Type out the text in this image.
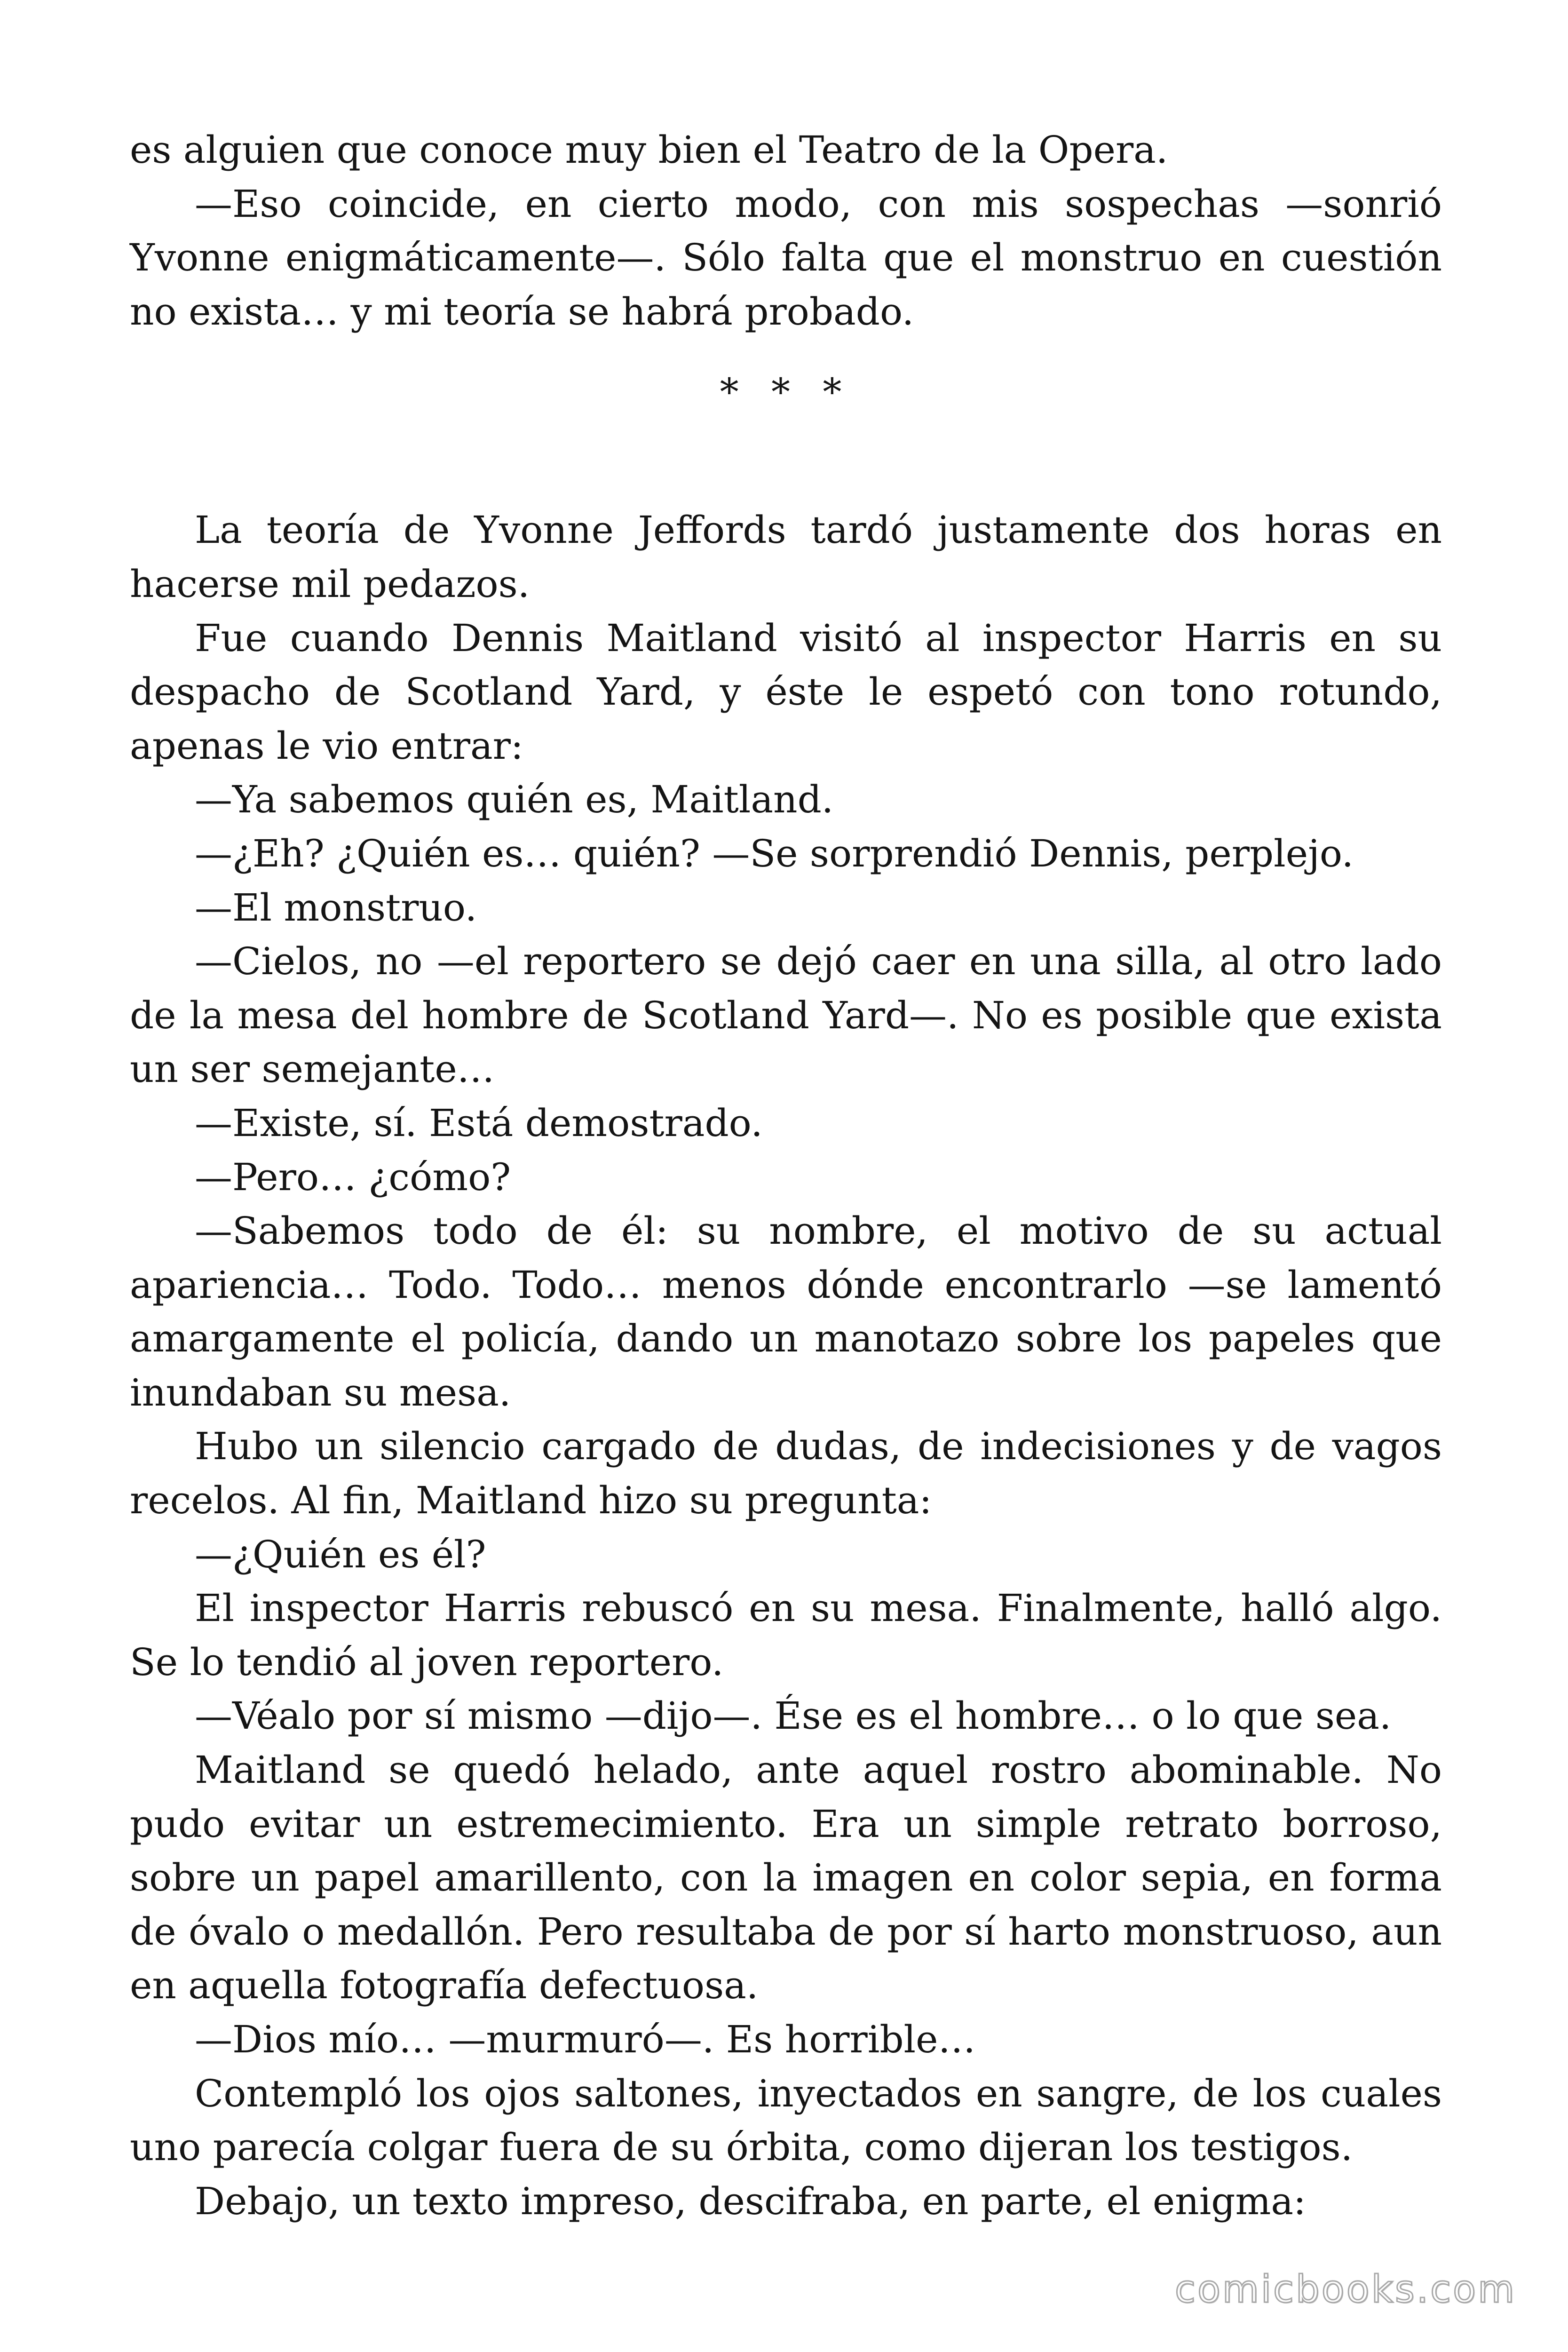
es alguien que conoce muy bien el Teatro de la Opera.

—Eso coincide, en cierto modo, con mis sospechas —sonrió Yvonne enigmáticamente—. Sólo falta que el monstruo en cuestión no exista… y mi teoría se habrá probado.

* * *

La teoría de Yvonne Jeffords tardó justamente dos horas en hacerse mil pedazos.

Fue cuando Dennis Maitland visitó al inspector Harris en su despacho de Scotland Yard, y éste le espetó con tono rotundo, apenas le vio entrar:

—Ya sabemos quién es, Maitland.

—¿Eh? ¿Quién es… quién? —Se sorprendió Dennis, perplejo.

—El monstruo.

—Cielos, no —el reportero se dejó caer en una silla, al otro lado de la mesa del hombre de Scotland Yard—. No es posible que exista un ser semejante…

—Existe, sí. Está demostrado.

—Pero… ¿cómo?

—Sabemos todo de él: su nombre, el motivo de su actual apariencia… Todo. Todo… menos dónde encontrarlo —se lamentó amargamente el policía, dando un manotazo sobre los papeles que inundaban su mesa.

Hubo un silencio cargado de dudas, de indecisiones y de vagos recelos. Al fin, Maitland hizo su pregunta:

—¿Quién es él?

El inspector Harris rebuscó en su mesa. Finalmente, halló algo. Se lo tendió al joven reportero.

—Véalo por sí mismo —dijo—. Ése es el hombre… o lo que sea.

Maitland se quedó helado, ante aquel rostro abominable. No pudo evitar un estremecimiento. Era un simple retrato borroso, sobre un papel amarillento, con la imagen en color sepia, en forma de óvalo o medallón. Pero resultaba de por sí harto monstruoso, aun en aquella fotografía defectuosa.

—Dios mío… —murmuró—. Es horrible…

Contempló los ojos saltones, inyectados en sangre, de los cuales uno parecía colgar fuera de su órbita, como dijeran los testigos.

Debajo, un texto impreso, descifraba, en parte, el enigma:

comicbooks.com
